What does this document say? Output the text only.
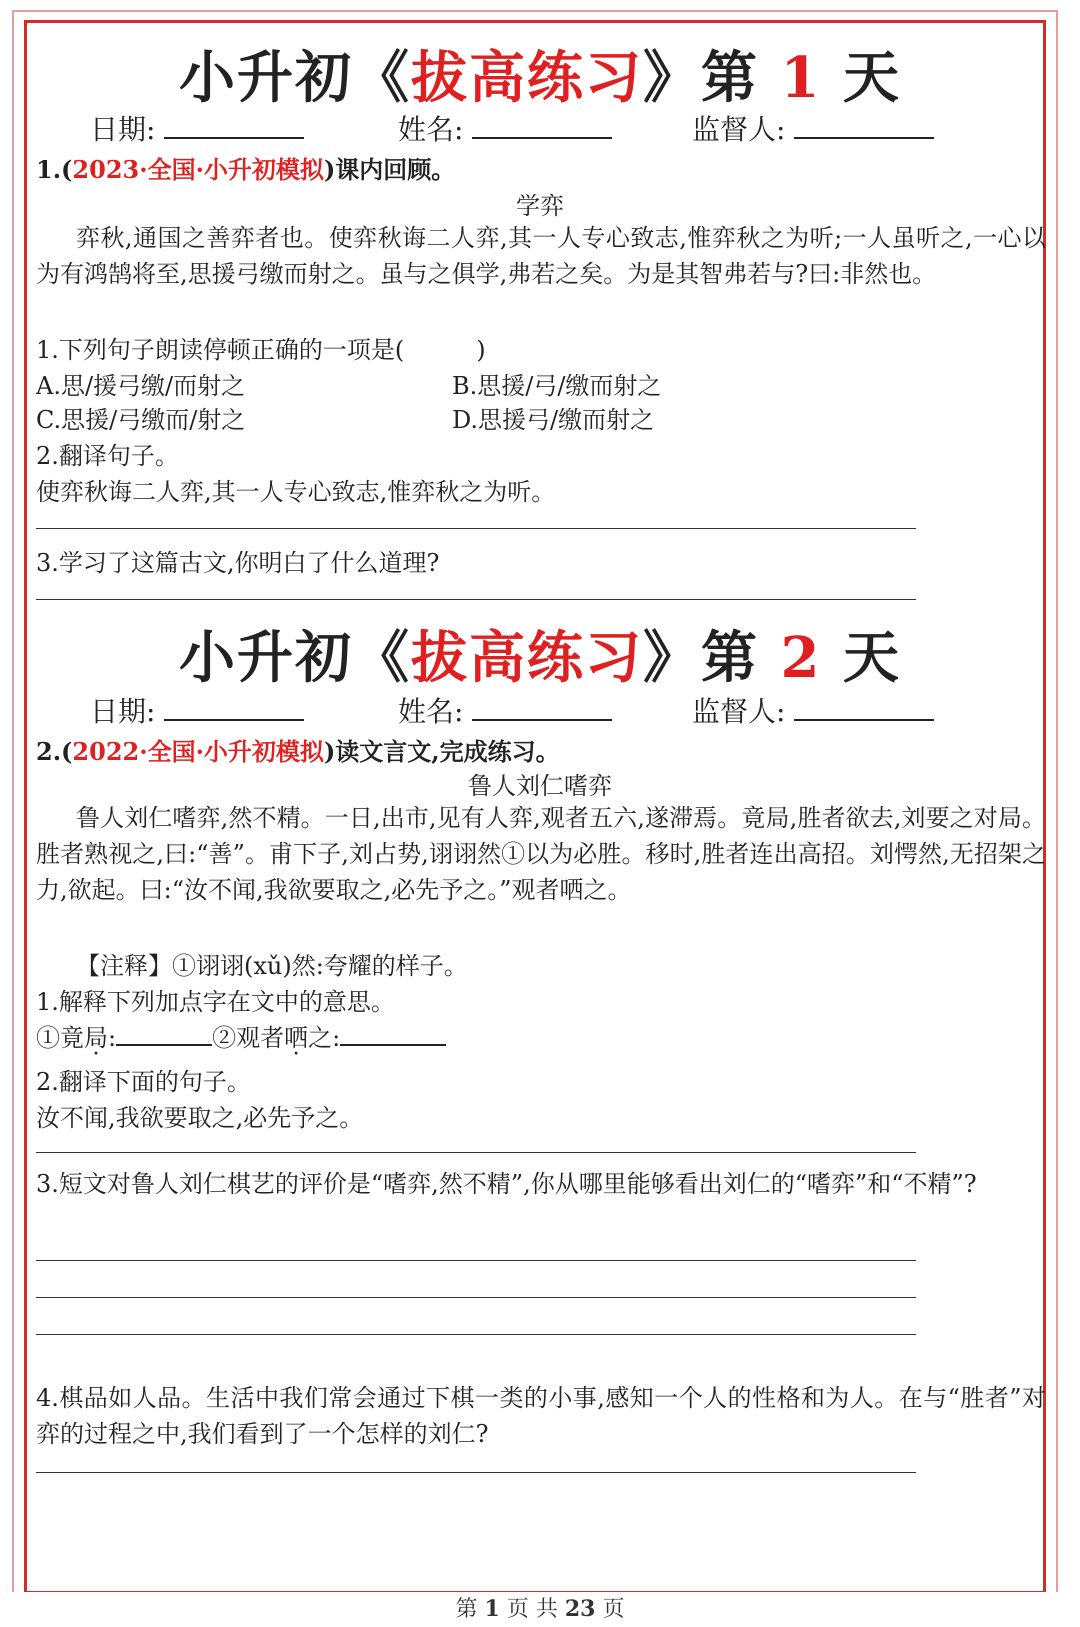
小升初《拔高练习》第 1 天
日期:	姓名:	监督人:
1.(2023·全国·小升初模拟)课内回顾。
学弈
弈秋,通国之善弈者也。使弈秋诲二人弈,其一人专心致志,惟弈秋之为听;一人虽听之,一心以为有鸿鹄将至,思援弓缴而射之。虽与之俱学,弗若之矣。为是其智弗若与?曰:非然也。
1.下列句子朗读停顿正确的一项是(　　　)
A.思/援弓缴/而射之	B.思援/弓/缴而射之
C.思援/弓缴而/射之	D.思援弓/缴而射之
2.翻译句子。
使弈秋诲二人弈,其一人专心致志,惟弈秋之为听。
3.学习了这篇古文,你明白了什么道理?
小升初《拔高练习》第 2 天
日期:	姓名:	监督人:
2.(2022·全国·小升初模拟)读文言文,完成练习。
鲁人刘仁嗜弈
鲁人刘仁嗜弈,然不精。一日,出市,见有人弈,观者五六,遂滞焉。竟局,胜者欲去,刘要之对局。胜者熟视之,曰:“善”。甫下子,刘占势,诩诩然①以为必胜。移时,胜者连出高招。刘愕然,无招架之力,欲起。曰:“汝不闻,我欲要取之,必先予之。”观者哂之。
【注释】①诩诩(xǔ)然:夸耀的样子。
1.解释下列加点字在文中的意思。
①竟局:	②观者哂之:
2.翻译下面的句子。
汝不闻,我欲要取之,必先予之。
3.短文对鲁人刘仁棋艺的评价是“嗜弈,然不精”,你从哪里能够看出刘仁的“嗜弈”和“不精”?
4.棋品如人品。生活中我们常会通过下棋一类的小事,感知一个人的性格和为人。在与“胜者”对弈的过程之中,我们看到了一个怎样的刘仁?
第 1 页 共 23 页
